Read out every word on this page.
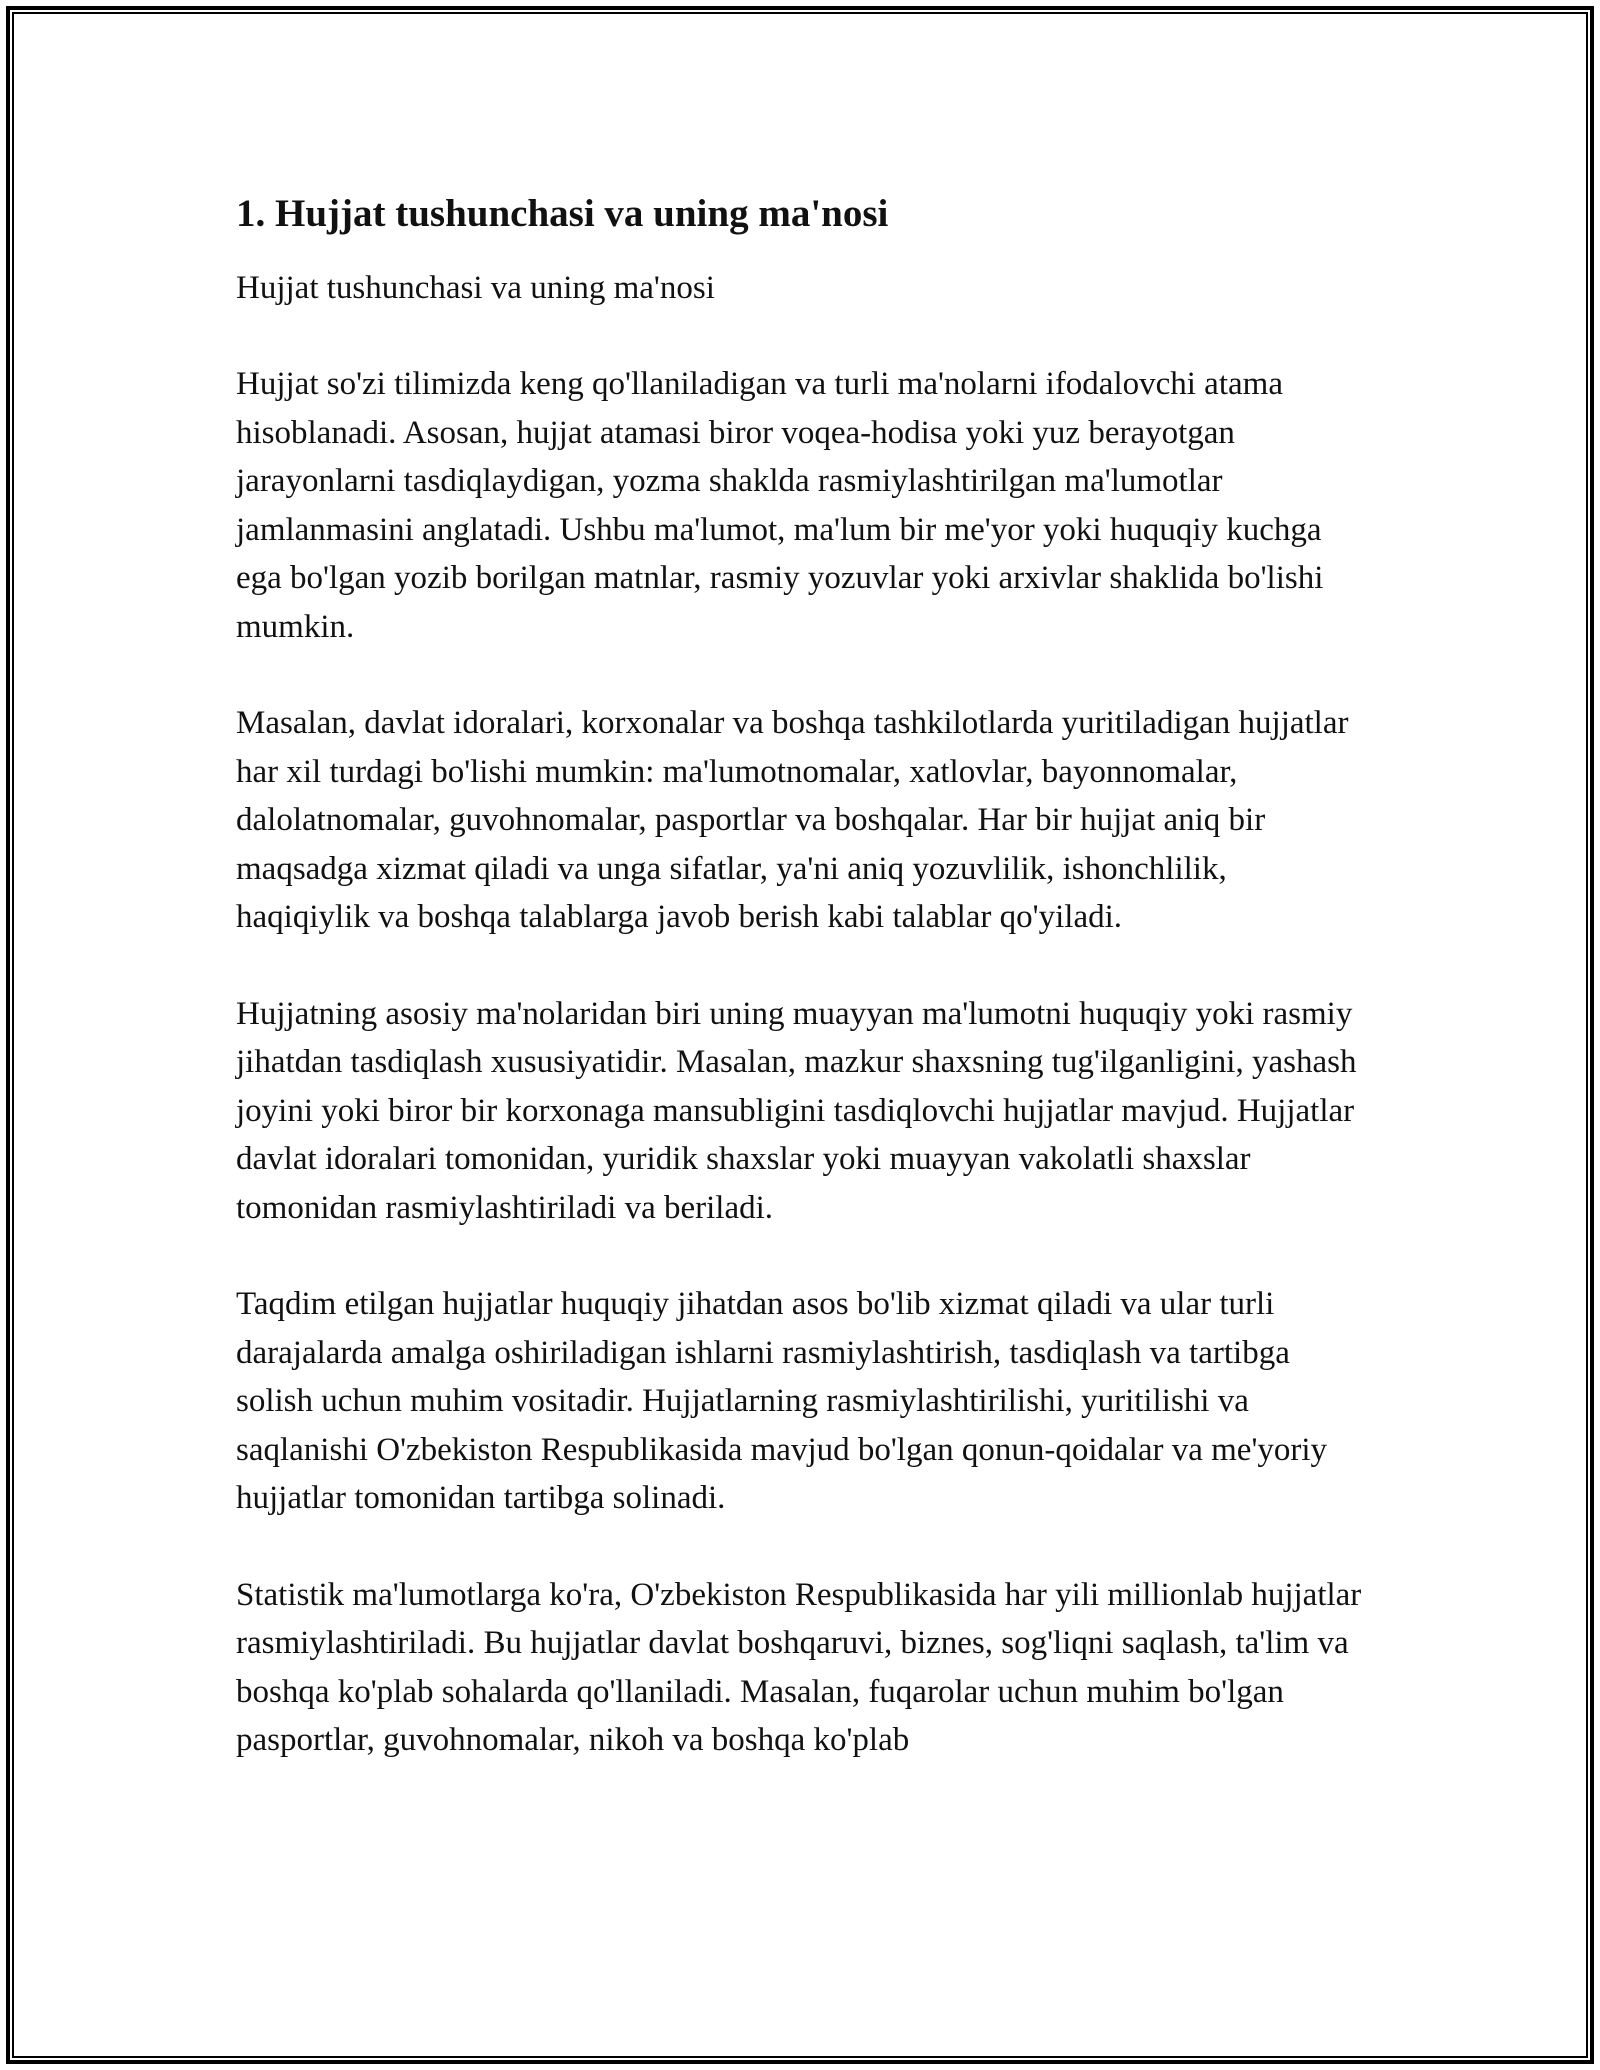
1. Hujjat tushunchasi va uning ma'nosi

Hujjat tushunchasi va uning ma'nosi

Hujjat so'zi tilimizda keng qo'llaniladigan va turli ma'nolarni ifodalovchi atama hisoblanadi. Asosan, hujjat atamasi biror voqea-hodisa yoki yuz berayotgan jarayonlarni tasdiqlaydigan, yozma shaklda rasmiylashtirilgan ma'lumotlar jamlanmasini anglatadi. Ushbu ma'lumot, ma'lum bir me'yor yoki huquqiy kuchga ega bo'lgan yozib borilgan matnlar, rasmiy yozuvlar yoki arxivlar shaklida bo'lishi mumkin.

Masalan, davlat idoralari, korxonalar va boshqa tashkilotlarda yuritiladigan hujjatlar har xil turdagi bo'lishi mumkin: ma'lumotnomalar, xatlovlar, bayonnomalar, dalolatnomalar, guvohnomalar, pasportlar va boshqalar. Har bir hujjat aniq bir maqsadga xizmat qiladi va unga sifatlar, ya'ni aniq yozuvlilik, ishonchlilik, haqiqiylik va boshqa talablarga javob berish kabi talablar qo'yiladi.

Hujjatning asosiy ma'nolaridan biri uning muayyan ma'lumotni huquqiy yoki rasmiy jihatdan tasdiqlash xususiyatidir. Masalan, mazkur shaxsning tug'ilganligini, yashash joyini yoki biror bir korxonaga mansubligini tasdiqlovchi hujjatlar mavjud. Hujjatlar davlat idoralari tomonidan, yuridik shaxslar yoki muayyan vakolatli shaxslar tomonidan rasmiylashtiriladi va beriladi.

Taqdim etilgan hujjatlar huquqiy jihatdan asos bo'lib xizmat qiladi va ular turli darajalarda amalga oshiriladigan ishlarni rasmiylashtirish, tasdiqlash va tartibga solish uchun muhim vositadir. Hujjatlarning rasmiylashtirilishi, yuritilishi va saqlanishi O'zbekiston Respublikasida mavjud bo'lgan qonun-qoidalar va me'yoriy hujjatlar tomonidan tartibga solinadi.

Statistik ma'lumotlarga ko'ra, O'zbekiston Respublikasida har yili millionlab hujjatlar rasmiylashtiriladi. Bu hujjatlar davlat boshqaruvi, biznes, sog'liqni saqlash, ta'lim va boshqa ko'plab sohalarda qo'llaniladi. Masalan, fuqarolar uchun muhim bo'lgan pasportlar, guvohnomalar, nikoh va boshqa ko'plab
